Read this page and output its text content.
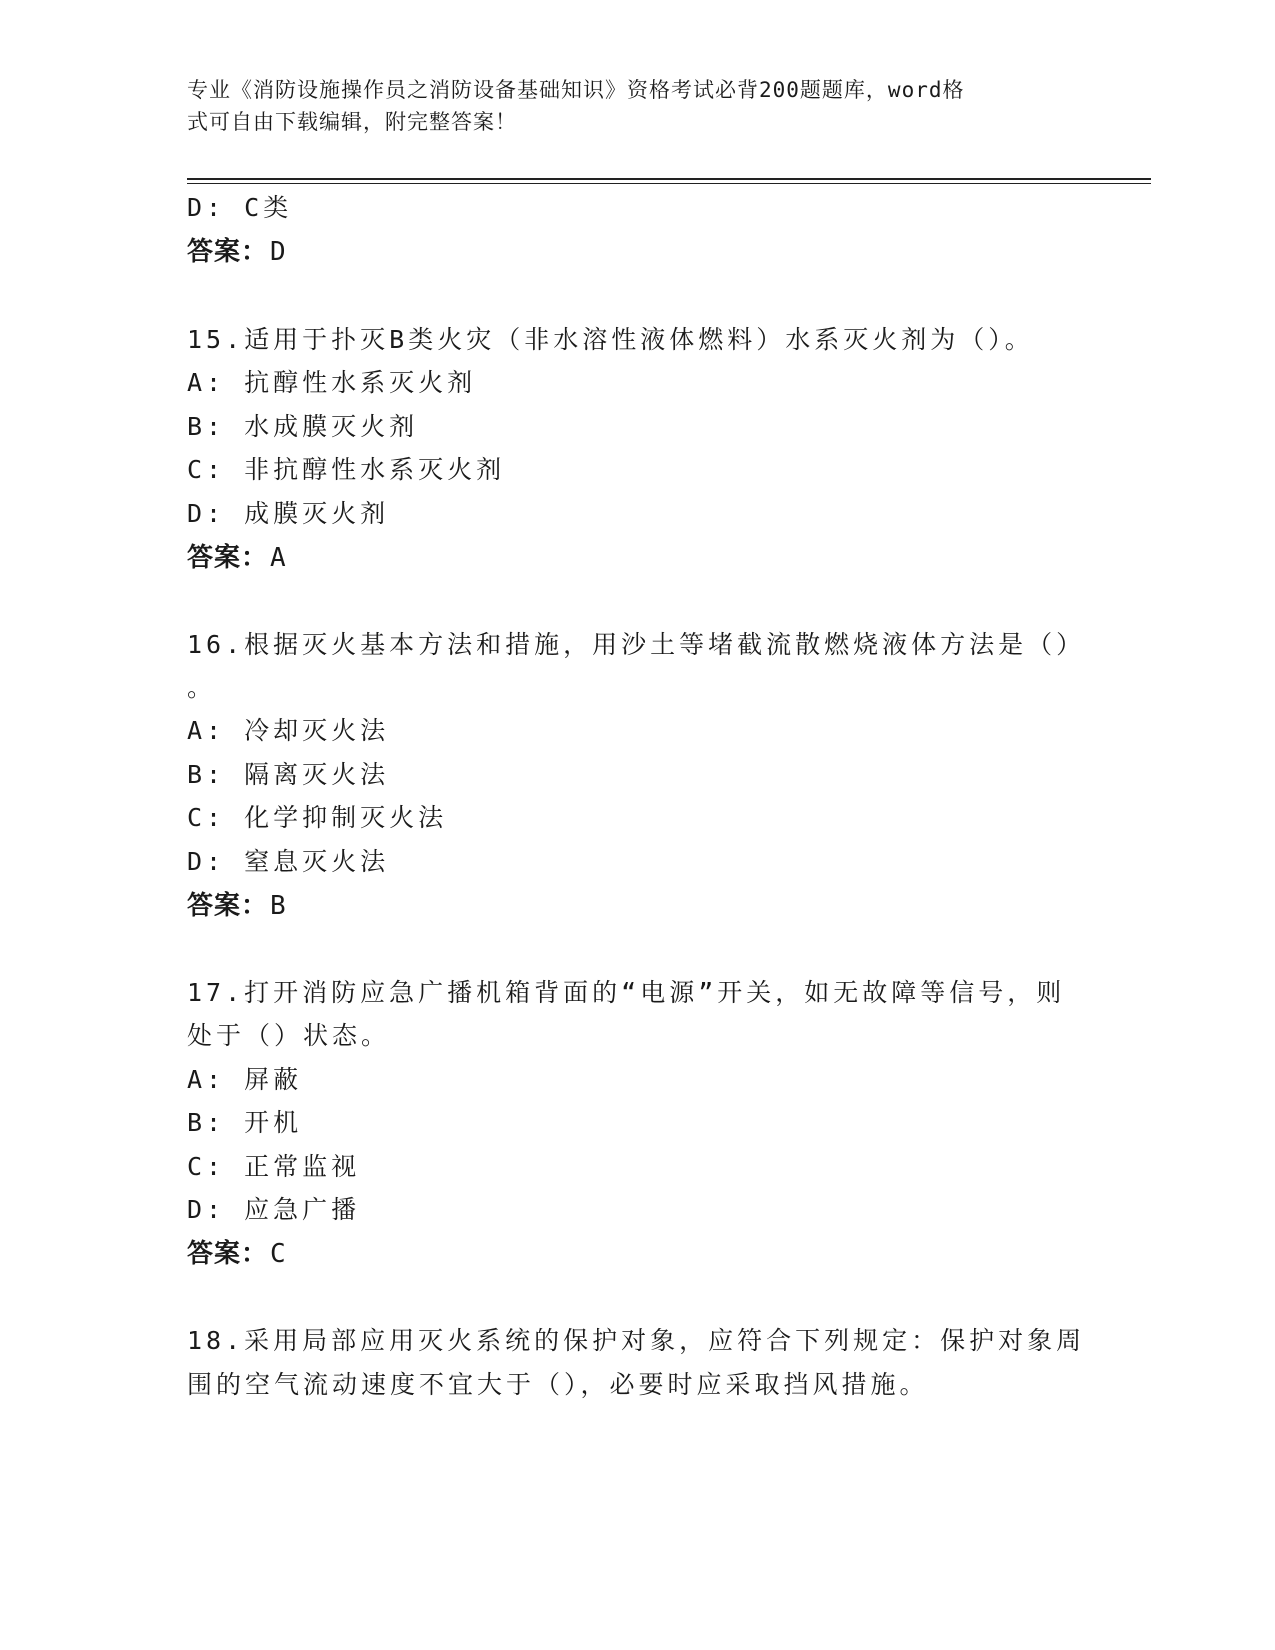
专业《消防设施操作员之消防设备基础知识》资格考试必背200题题库，word格
式可自由下载编辑，附完整答案！
D: C类
答案：D
15.适用于扑灭B类火灾（非水溶性液体燃料）水系灭火剂为（）。
A: 抗醇性水系灭火剂
B: 水成膜灭火剂
C: 非抗醇性水系灭火剂
D: 成膜灭火剂
答案：A
16.根据灭火基本方法和措施，用沙土等堵截流散燃烧液体方法是（）
。
A: 冷却灭火法
B: 隔离灭火法
C: 化学抑制灭火法
D: 窒息灭火法
答案：B
17.打开消防应急广播机箱背面的“电源”开关，如无故障等信号，则
处于（）状态。
A: 屏蔽
B: 开机
C: 正常监视
D: 应急广播
答案：C
18.采用局部应用灭火系统的保护对象，应符合下列规定：保护对象周
围的空气流动速度不宜大于（），必要时应采取挡风措施。
